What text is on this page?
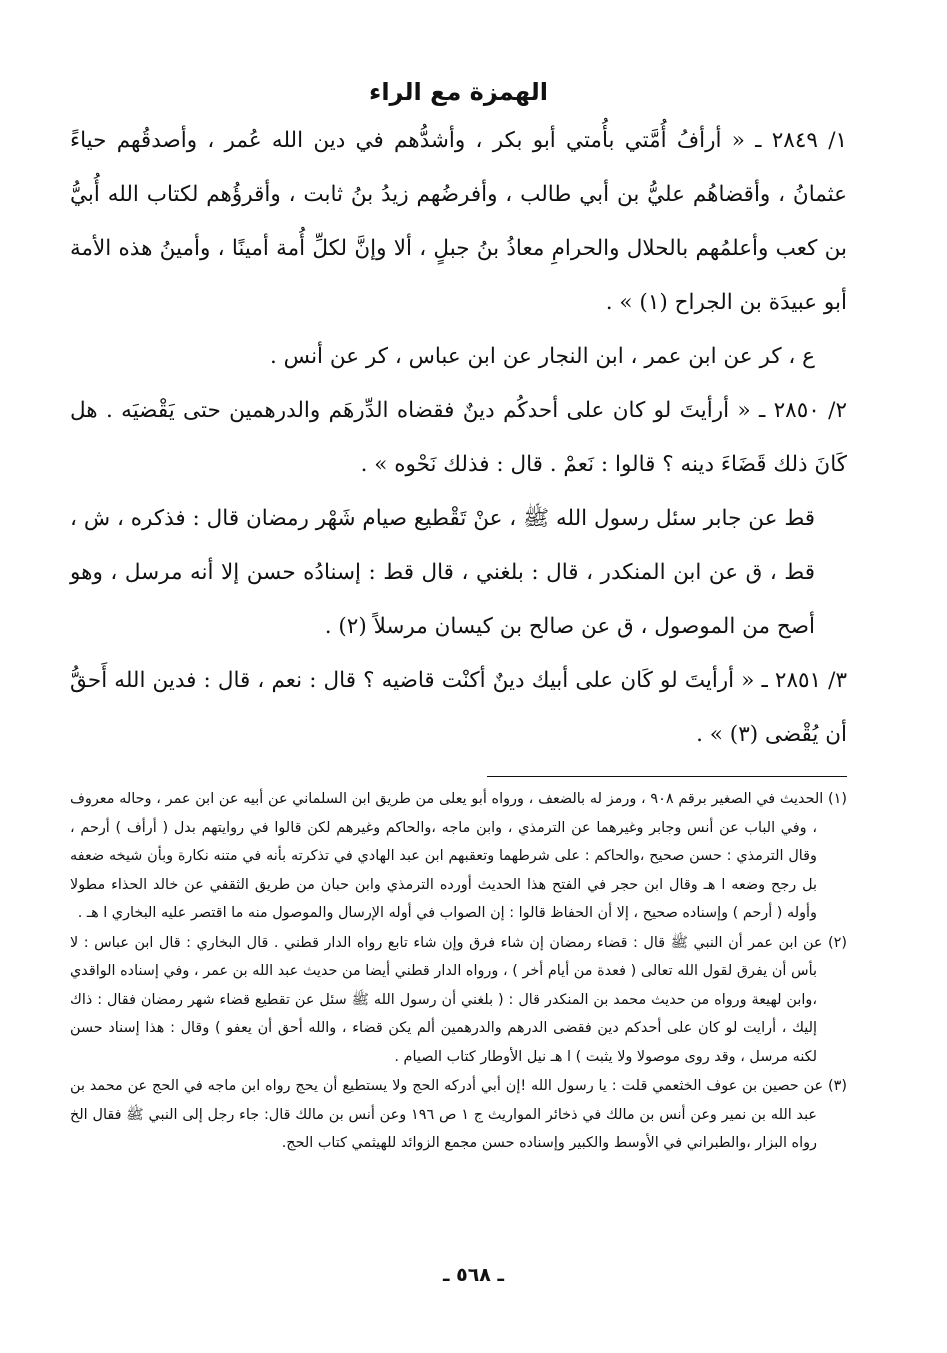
الهمزة مع الراء

١/ ٢٨٤٩ ـ « أرأفُ أُمَّتي بأُمتي أبو بكر ، وأشدُّهم في دين الله عُمر ، وأصدقُهم حياءً عثمانُ ، وأقضاهُم عليُّ بن أبي طالب ، وأفرضُهم زيدُ بنُ ثابت ، وأقرؤُهم لكتاب الله أُبيُّ بن كعب وأعلمُهم بالحلال والحرامِ معاذُ بنُ جبلٍ ، ألا وإنَّ لكلِّ أُمة أمينًا ، وأمينُ هذه الأمة أبو عبيدَة بن الجراح (١) » .

ع ، كر عن ابن عمر ، ابن النجار عن ابن عباس ، كر عن أنس .

٢/ ٢٨٥٠ ـ « أرأيتَ لو كان على أحدكُم دينٌ فقضاه الدِّرهَم والدرهمين حتى يَقْضيَه . هل كَانَ ذلك قَضَاءَ دينه ؟ قالوا : نَعمْ . قال : فذلك نَحْوه » .

قط عن جابر سئل رسول الله ﷺ ، عنْ تَقْطيع صيام شَهْر رمضان قال : فذكره ، ش ، قط ، ق عن ابن المنكدر ، قال : بلغني ، قال قط : إسنادُه حسن إلا أنه مرسل ، وهو أصح من الموصول ، ق عن صالح بن كيسان مرسلاً (٢) .

٣/ ٢٨٥١ ـ « أرأيتَ لو كَان على أبيك دينٌ أكنْت قاضيه ؟ قال : نعم ، قال : فدين الله أَحقُّ أن يُقْضى (٣) » .

(١) الحديث في الصغير برقم ٩٠٨ ، ورمز له بالضعف ، ورواه أبو يعلى من طريق ابن السلماني عن أبيه عن ابن عمر ، وحاله معروف ، وفي الباب عن أنس وجابر وغيرهما عن الترمذي ، وابن ماجه ،والحاكم وغيرهم لكن قالوا في روايتهم بدل ( أرأف ) أرحم ، وقال الترمذي : حسن صحيح ،والحاكم : على شرطهما وتعقبهم ابن عبد الهادي في تذكرته بأنه في متنه نكارة وبأن شيخه ضعفه بل رجح وضعه ا هـ وقال ابن حجر في الفتح هذا الحديث أورده الترمذي وابن حبان من طريق الثقفي عن خالد الحذاء مطولا وأوله ( أرحم ) وإسناده صحيح ، إلا أن الحفاظ قالوا : إن الصواب في أوله الإرسال والموصول منه ما اقتصر عليه البخاري ا هـ .

(٢) عن ابن عمر أن النبي ﷺ قال : قضاء رمضان إن شاء فرق وإن شاء تابع رواه الدار قطني . قال البخاري : قال ابن عباس : لا بأس أن يفرق لقول الله تعالى ( فعدة من أيام أخر ) ، ورواه الدار قطني أيضا من حديث عبد الله بن عمر ، وفي إسناده الواقدي ،وابن لهيعة ورواه من حديث محمد بن المنكدر قال : ( بلغني أن رسول الله ﷺ سئل عن تقطيع قضاء شهر رمضان فقال : ذاك إليك ، أرايت لو كان على أحدكم دين فقضى الدرهم والدرهمين ألم يكن قضاء ، والله أحق أن يعفو ) وقال : هذا إسناد حسن لكنه مرسل ، وقد روى موصولا ولا يثبت ) ا هـ نيل الأوطار كتاب الصيام .

(٣) عن حصين بن عوف الخثعمي قلت : يا رسول الله !إن أبي أدركه الحج ولا يستطيع أن يحج رواه ابن ماجه في الحج عن محمد بن عبد الله بن نمير وعن أنس بن مالك في ذخائر المواريث ج ١ ص ١٩٦ وعن أنس بن مالك قال: جاء رجل إلى النبي ﷺ فقال الخ رواه البزار ،والطبراني في الأوسط والكبير وإسناده حسن مجمع الزوائد للهيثمي كتاب الحج.

ـ ٥٦٨ ـ
